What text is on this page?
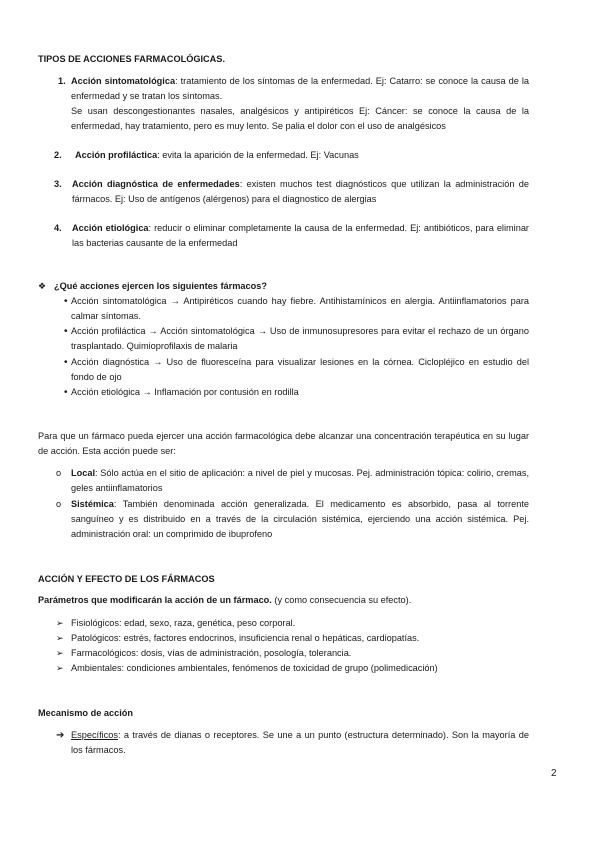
TIPOS DE ACCIONES FARMACOLÓGICAS.
1. Acción sintomatológica: tratamiento de los síntomas de la enfermedad. Ej: Catarro: se conoce la causa de la enfermedad y se tratan los síntomas.
Se usan descongestionantes nasales, analgésicos y antipiréticos Ej: Cáncer: se conoce la causa de la enfermedad, hay tratamiento, pero es muy lento. Se palia el dolor con el uso de analgésicos
2. Acción profiláctica: evita la aparición de la enfermedad. Ej: Vacunas
3. Acción diagnóstica de enfermedades: existen muchos test diagnósticos que utilizan la administración de fármacos. Ej: Uso de antígenos (alérgenos) para el diagnostico de alergias
4. Acción etiológica: reducir o eliminar completamente la causa de la enfermedad. Ej: antibióticos, para eliminar las bacterias causante de la enfermedad
❖ ¿Qué acciones ejercen los siguientes fármacos?
• Acción sintomatológica → Antipiréticos cuando hay fiebre. Antihistamínicos en alergia. Antiinflamatorios para calmar síntomas.
• Acción profiláctica → Acción sintomatológica → Uso de inmunosupresores para evitar el rechazo de un órgano trasplantado. Quimioprofilaxis de malaria
• Acción diagnóstica → Uso de fluoresceína para visualizar lesiones en la córnea. Ciclopléjico en estudio del fondo de ojo
• Acción etiológica → Inflamación por contusión en rodilla
Para que un fármaco pueda ejercer una acción farmacológica debe alcanzar una concentración terapéutica en su lugar de acción. Esta acción puede ser:
o Local: Sólo actúa en el sitio de aplicación: a nivel de piel y mucosas. Pej. administración tópica: colirio, cremas, geles antiinflamatorios
o Sistémica: También denominada acción generalizada. El medicamento es absorbido, pasa al torrente sanguíneo y es distribuido en a través de la circulación sistémica, ejerciendo una acción sistémica. Pej. administración oral: un comprimido de ibuprofeno
ACCIÓN Y EFECTO DE LOS FÁRMACOS
Parámetros que modificarán la acción de un fármaco. (y como consecuencia su efecto).
➢ Fisiológicos: edad, sexo, raza, genética, peso corporal.
➢ Patológicos: estrés, factores endocrinos, insuficiencia renal o hepáticas, cardiopatías.
➢ Farmacológicos: dosis, vías de administración, posología, tolerancia.
➢ Ambientales: condiciones ambientales, fenómenos de toxicidad de grupo (polimedicación)
Mecanismo de acción
➔ Específicos: a través de dianas o receptores. Se une a un punto (estructura determinado). Son la mayoría de los fármacos.
2
